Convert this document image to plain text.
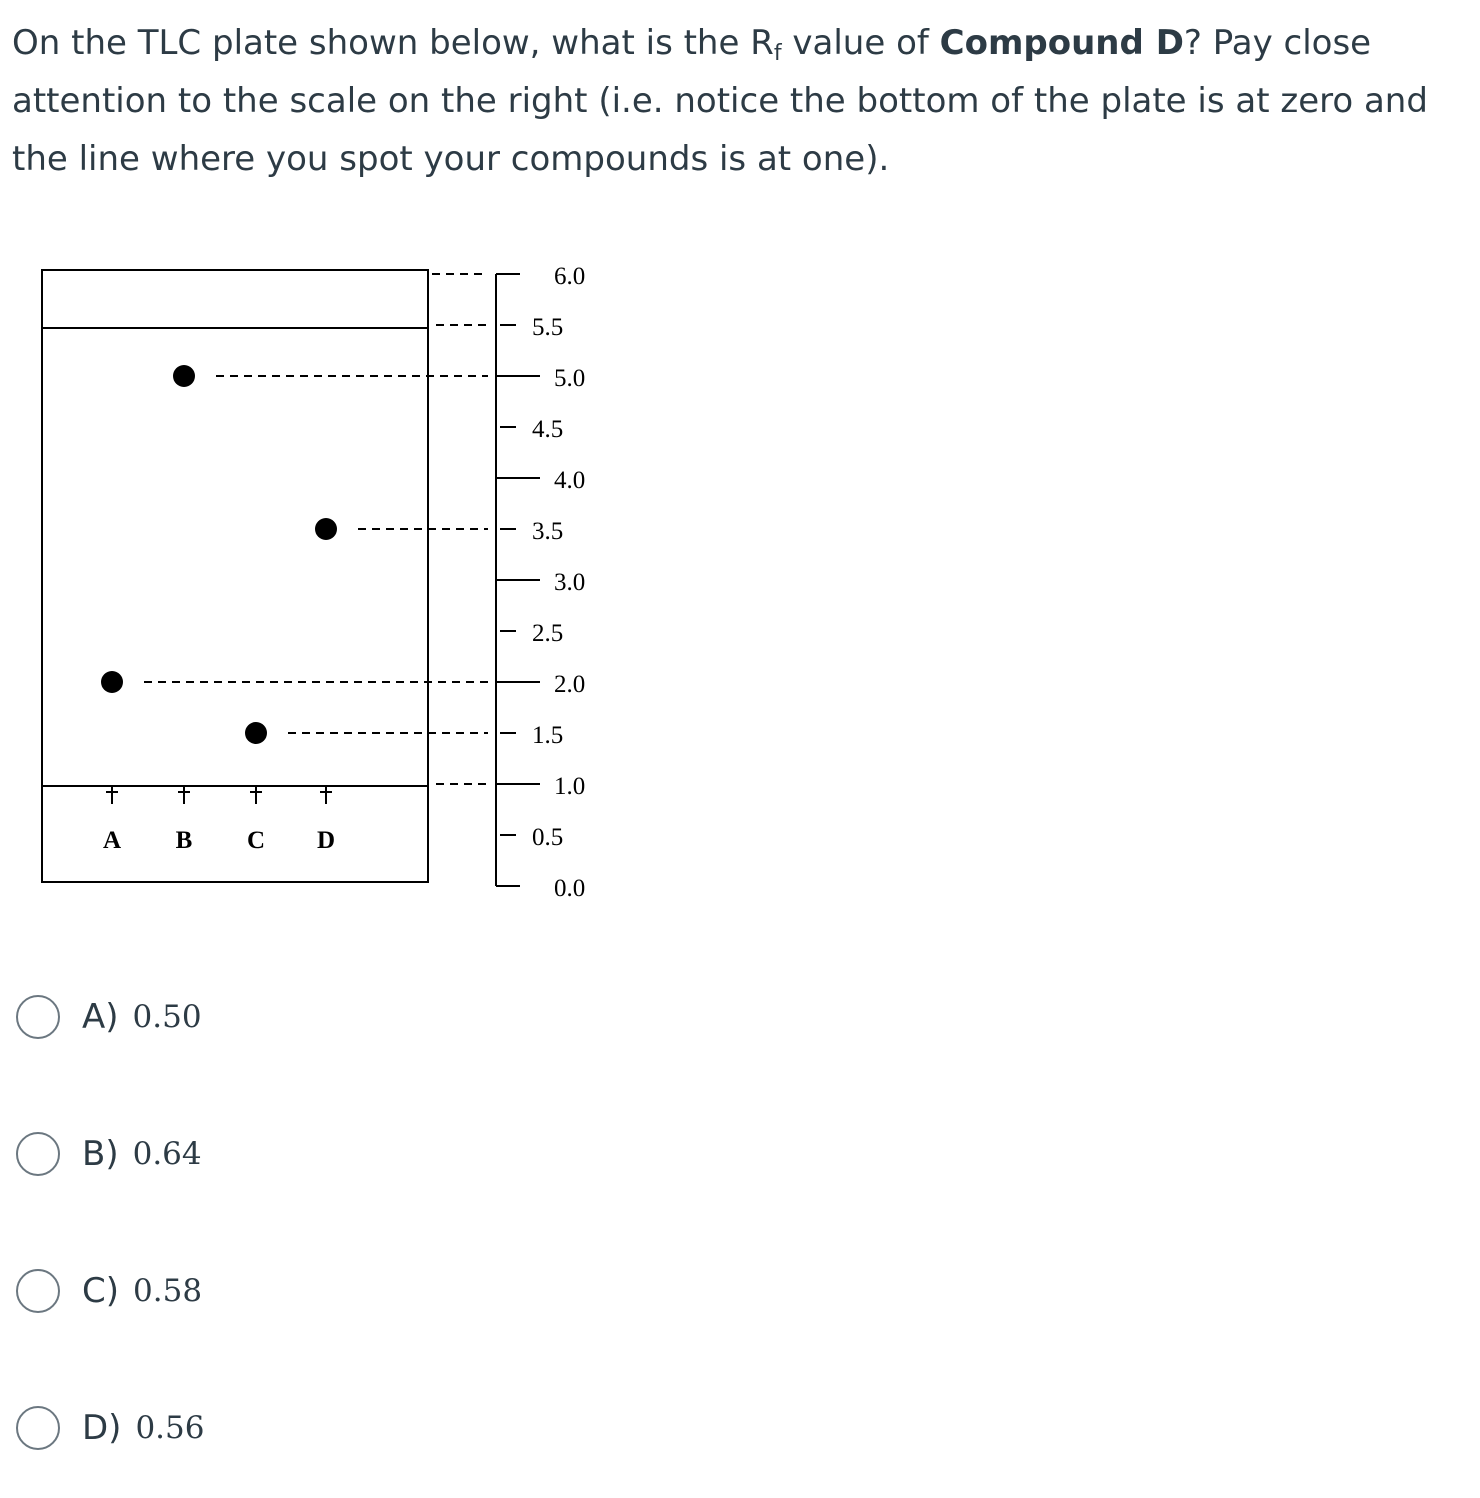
On the TLC plate shown below, what is the $R_f$ value of Compound D? Pay close attention to the scale on the right (i.e. notice the bottom of the plate is at zero and the line where you spot your compounds is at one).
6.0
5.5
5.0
4.5
4.0
3.5
3.0
2.5
2.0
1.5
1.0
0.5
0.0
A B C D
A) 0.50
B) 0.64
C) 0.58
D) 0.56
